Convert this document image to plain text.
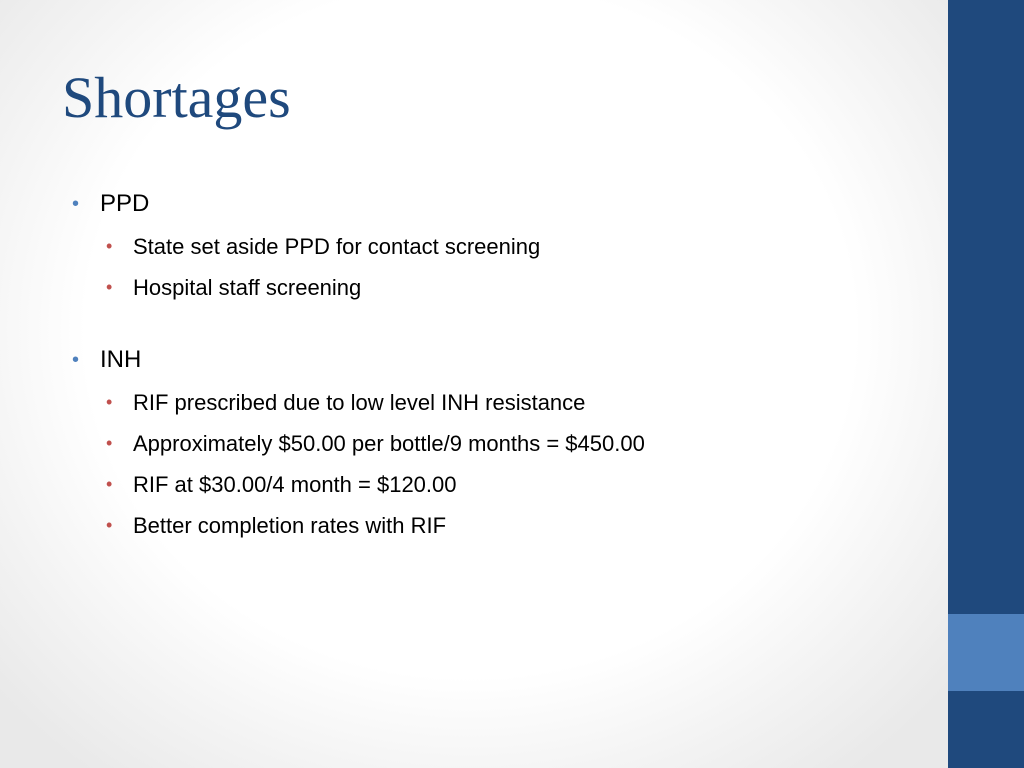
Shortages
• PPD
• State set aside PPD for contact screening
• Hospital staff screening
• INH
• RIF prescribed due to low level INH resistance
• Approximately $50.00 per bottle/9 months = $450.00
• RIF at $30.00/4 month = $120.00
• Better completion rates with RIF
